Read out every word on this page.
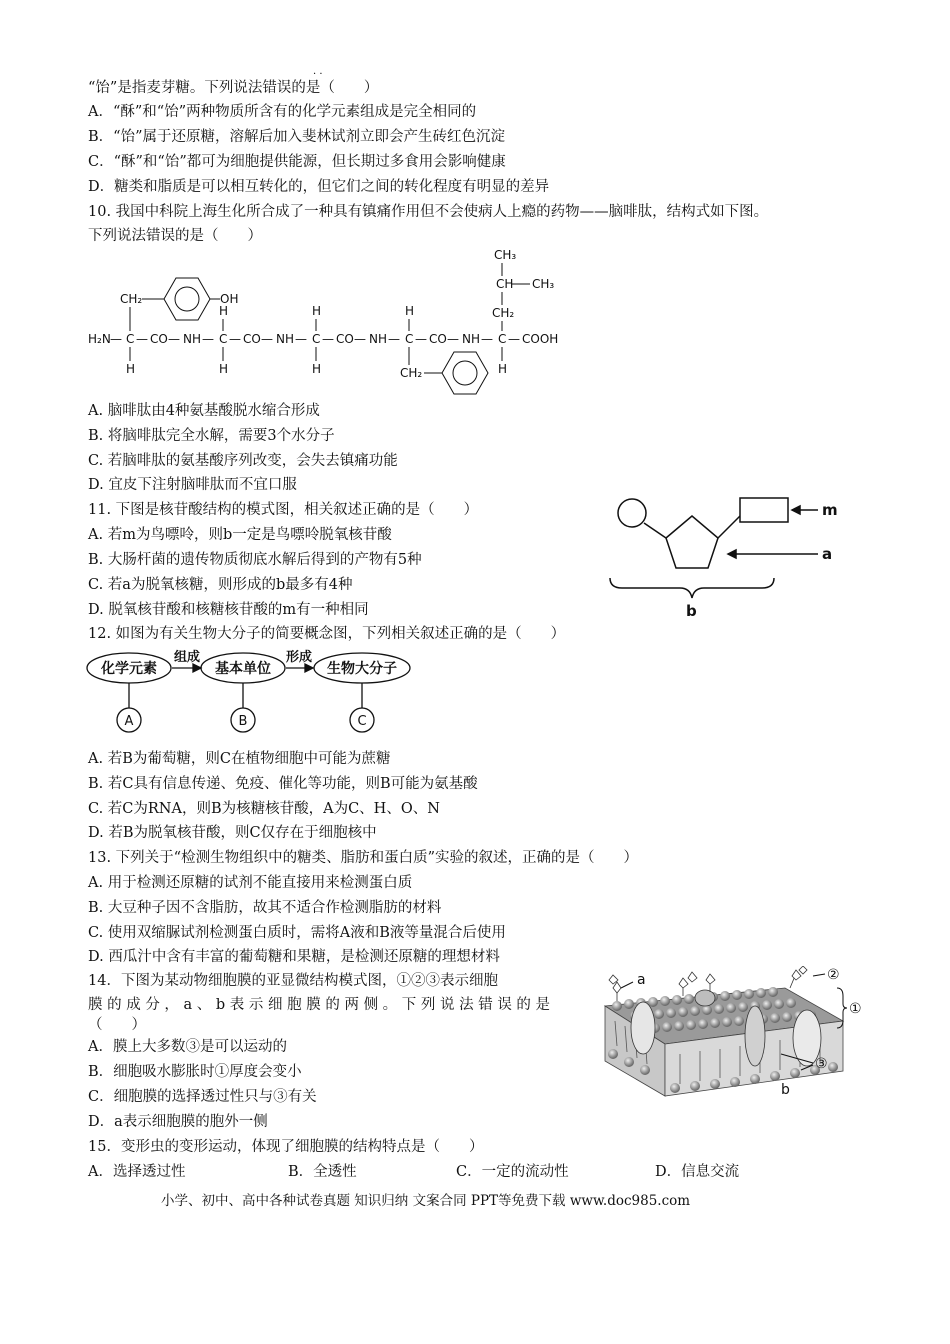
“饴”是指麦芽糖。下列说法错误的是（　　）
· ·
A．“酥”和“饴”两种物质所含有的化学元素组成是完全相同的
B．“饴”属于还原糖，溶解后加入斐林试剂立即会产生砖红色沉淀
C．“酥”和“饴”都可为细胞提供能源，但长期过多食用会影响健康
D．糖类和脂质是可以相互转化的，但它们之间的转化程度有明显的差异
10. 我国中科院上海生化所合成了一种具有镇痛作用但不会使病人上瘾的药物——脑啡肽，结构式如下图。
下列说法错误的是（　　）
H₂N — C — CO — NH — C — CO — NH — C — CO — NH — C — CO — NH — C — COOH
H
H
H
H
H
H
H
CH₂
CH₂
CH₂
OH
CH₃
CH CH₃
A. 脑啡肽由4种氨基酸脱水缩合形成
B. 将脑啡肽完全水解，需要3个水分子
C. 若脑啡肽的氨基酸序列改变，会失去镇痛功能
D. 宜皮下注射脑啡肽而不宜口服
11. 下图是核苷酸结构的模式图，相关叙述正确的是（　　）
A. 若m为鸟嘌呤，则b一定是鸟嘌呤脱氧核苷酸
B. 大肠杆菌的遗传物质彻底水解后得到的产物有5种
C. 若a为脱氧核糖，则形成的b最多有4种
D. 脱氧核苷酸和核糖核苷酸的m有一种相同
m
a
b
12. 如图为有关生物大分子的简要概念图，下列相关叙述正确的是（　　）
化学元素	基本单位	生物大分子
组成	形成
A	B	C
A. 若B为葡萄糖，则C在植物细胞中可能为蔗糖
B. 若C具有信息传递、免疫、催化等功能，则B可能为氨基酸
C. 若C为RNA，则B为核糖核苷酸，A为C、H、O、N
D. 若B为脱氧核苷酸，则C仅存在于细胞核中
13. 下列关于“检测生物组织中的糖类、脂肪和蛋白质”实验的叙述，正确的是（　　）
A. 用于检测还原糖的试剂不能直接用来检测蛋白质
B. 大豆种子因不含脂肪，故其不适合作检测脂肪的材料
C. 使用双缩脲试剂检测蛋白质时，需将A液和B液等量混合后使用
D. 西瓜汁中含有丰富的葡萄糖和果糖，是检测还原糖的理想材料
14．下图为某动物细胞膜的亚显微结构模式图，①②③表示细胞
膜 的 成 分 ， a 、 b 表 示 细 胞 膜 的 两 侧 。 下 列 说 法 错 误 的 是
（　　）
A．膜上大多数③是可以运动的
B．细胞吸水膨胀时①厚度会变小
C．细胞膜的选择透过性只与③有关
D．a表示细胞膜的胞外一侧
②
①
③
a
b
15．变形虫的变形运动，体现了细胞膜的结构特点是（　　）
A．选择透过性	B．全透性	C．一定的流动性	D．信息交流
小学、初中、高中各种试卷真题 知识归纳 文案合同 PPT等免费下载 www.doc985.com
